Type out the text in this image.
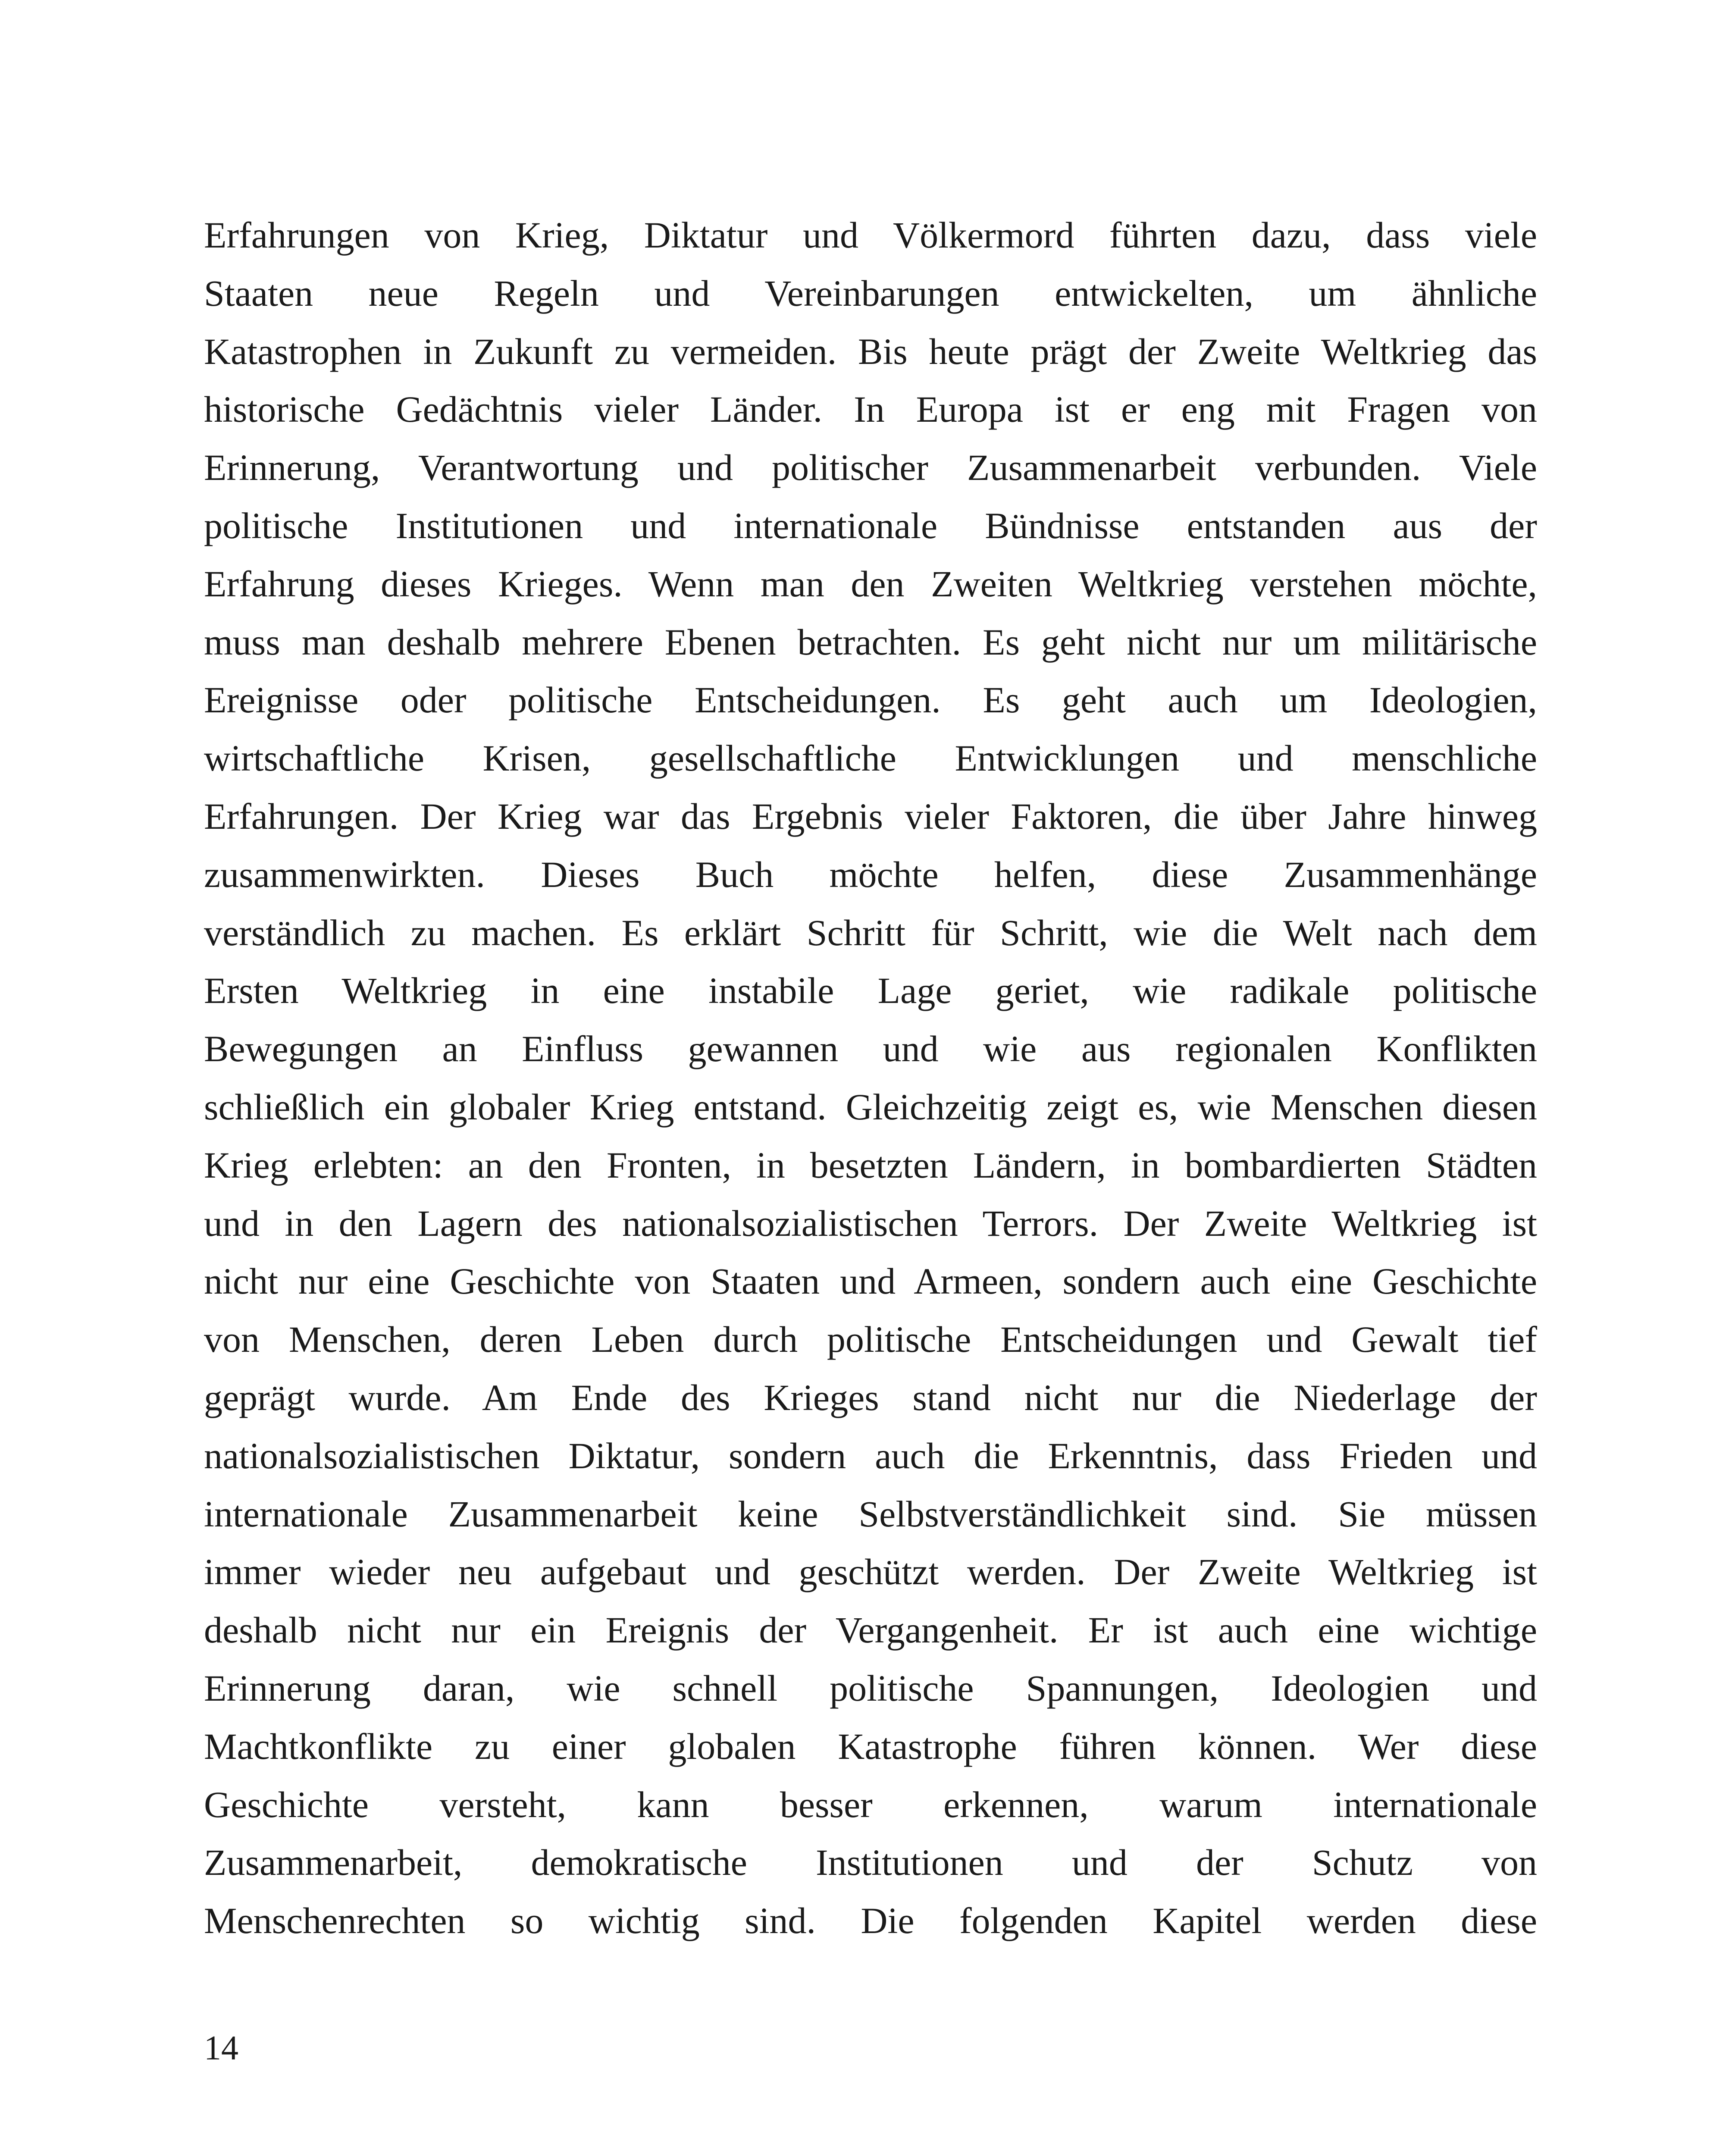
Erfahrungen von Krieg, Diktatur und Völkermord führten dazu, dass viele
Staaten neue Regeln und Vereinbarungen entwickelten, um ähnliche
Katastrophen in Zukunft zu vermeiden. Bis heute prägt der Zweite Weltkrieg das
historische Gedächtnis vieler Länder. In Europa ist er eng mit Fragen von
Erinnerung, Verantwortung und politischer Zusammenarbeit verbunden. Viele
politische Institutionen und internationale Bündnisse entstanden aus der
Erfahrung dieses Krieges. Wenn man den Zweiten Weltkrieg verstehen möchte,
muss man deshalb mehrere Ebenen betrachten. Es geht nicht nur um militärische
Ereignisse oder politische Entscheidungen. Es geht auch um Ideologien,
wirtschaftliche Krisen, gesellschaftliche Entwicklungen und menschliche
Erfahrungen. Der Krieg war das Ergebnis vieler Faktoren, die über Jahre hinweg
zusammenwirkten. Dieses Buch möchte helfen, diese Zusammenhänge
verständlich zu machen. Es erklärt Schritt für Schritt, wie die Welt nach dem
Ersten Weltkrieg in eine instabile Lage geriet, wie radikale politische
Bewegungen an Einfluss gewannen und wie aus regionalen Konflikten
schließlich ein globaler Krieg entstand. Gleichzeitig zeigt es, wie Menschen diesen
Krieg erlebten: an den Fronten, in besetzten Ländern, in bombardierten Städten
und in den Lagern des nationalsozialistischen Terrors. Der Zweite Weltkrieg ist
nicht nur eine Geschichte von Staaten und Armeen, sondern auch eine Geschichte
von Menschen, deren Leben durch politische Entscheidungen und Gewalt tief
geprägt wurde. Am Ende des Krieges stand nicht nur die Niederlage der
nationalsozialistischen Diktatur, sondern auch die Erkenntnis, dass Frieden und
internationale Zusammenarbeit keine Selbstverständlichkeit sind. Sie müssen
immer wieder neu aufgebaut und geschützt werden. Der Zweite Weltkrieg ist
deshalb nicht nur ein Ereignis der Vergangenheit. Er ist auch eine wichtige
Erinnerung daran, wie schnell politische Spannungen, Ideologien und
Machtkonflikte zu einer globalen Katastrophe führen können. Wer diese
Geschichte versteht, kann besser erkennen, warum internationale
Zusammenarbeit, demokratische Institutionen und der Schutz von
Menschenrechten so wichtig sind. Die folgenden Kapitel werden diese
14
